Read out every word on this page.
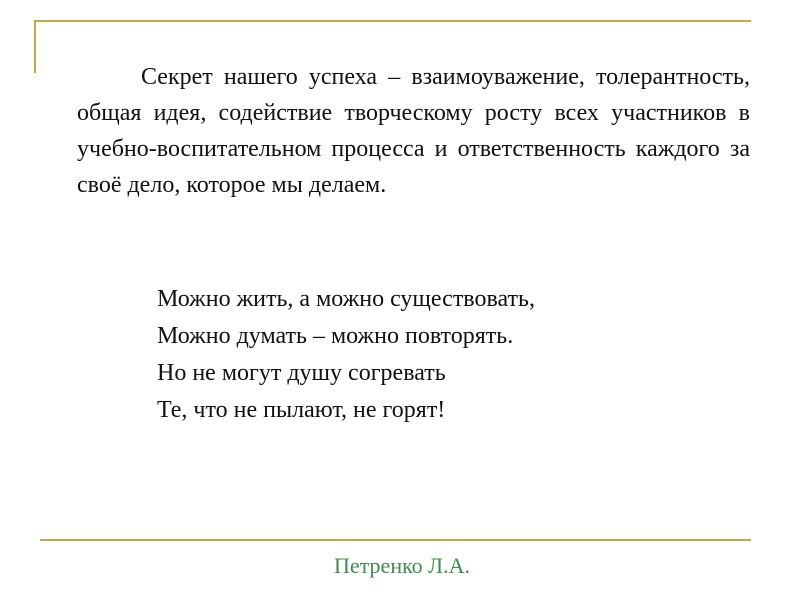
Секрет нашего успеха – взаимоуважение, толерантность, общая идея, содействие творческому росту всех участников в учебно-воспитательном процесса и ответственность каждого за своё дело, которое мы делаем.

Можно жить, а можно существовать,
Можно думать – можно повторять.
Но не могут душу согревать
Те, что не пылают, не горят!
Петренко Л.А.
